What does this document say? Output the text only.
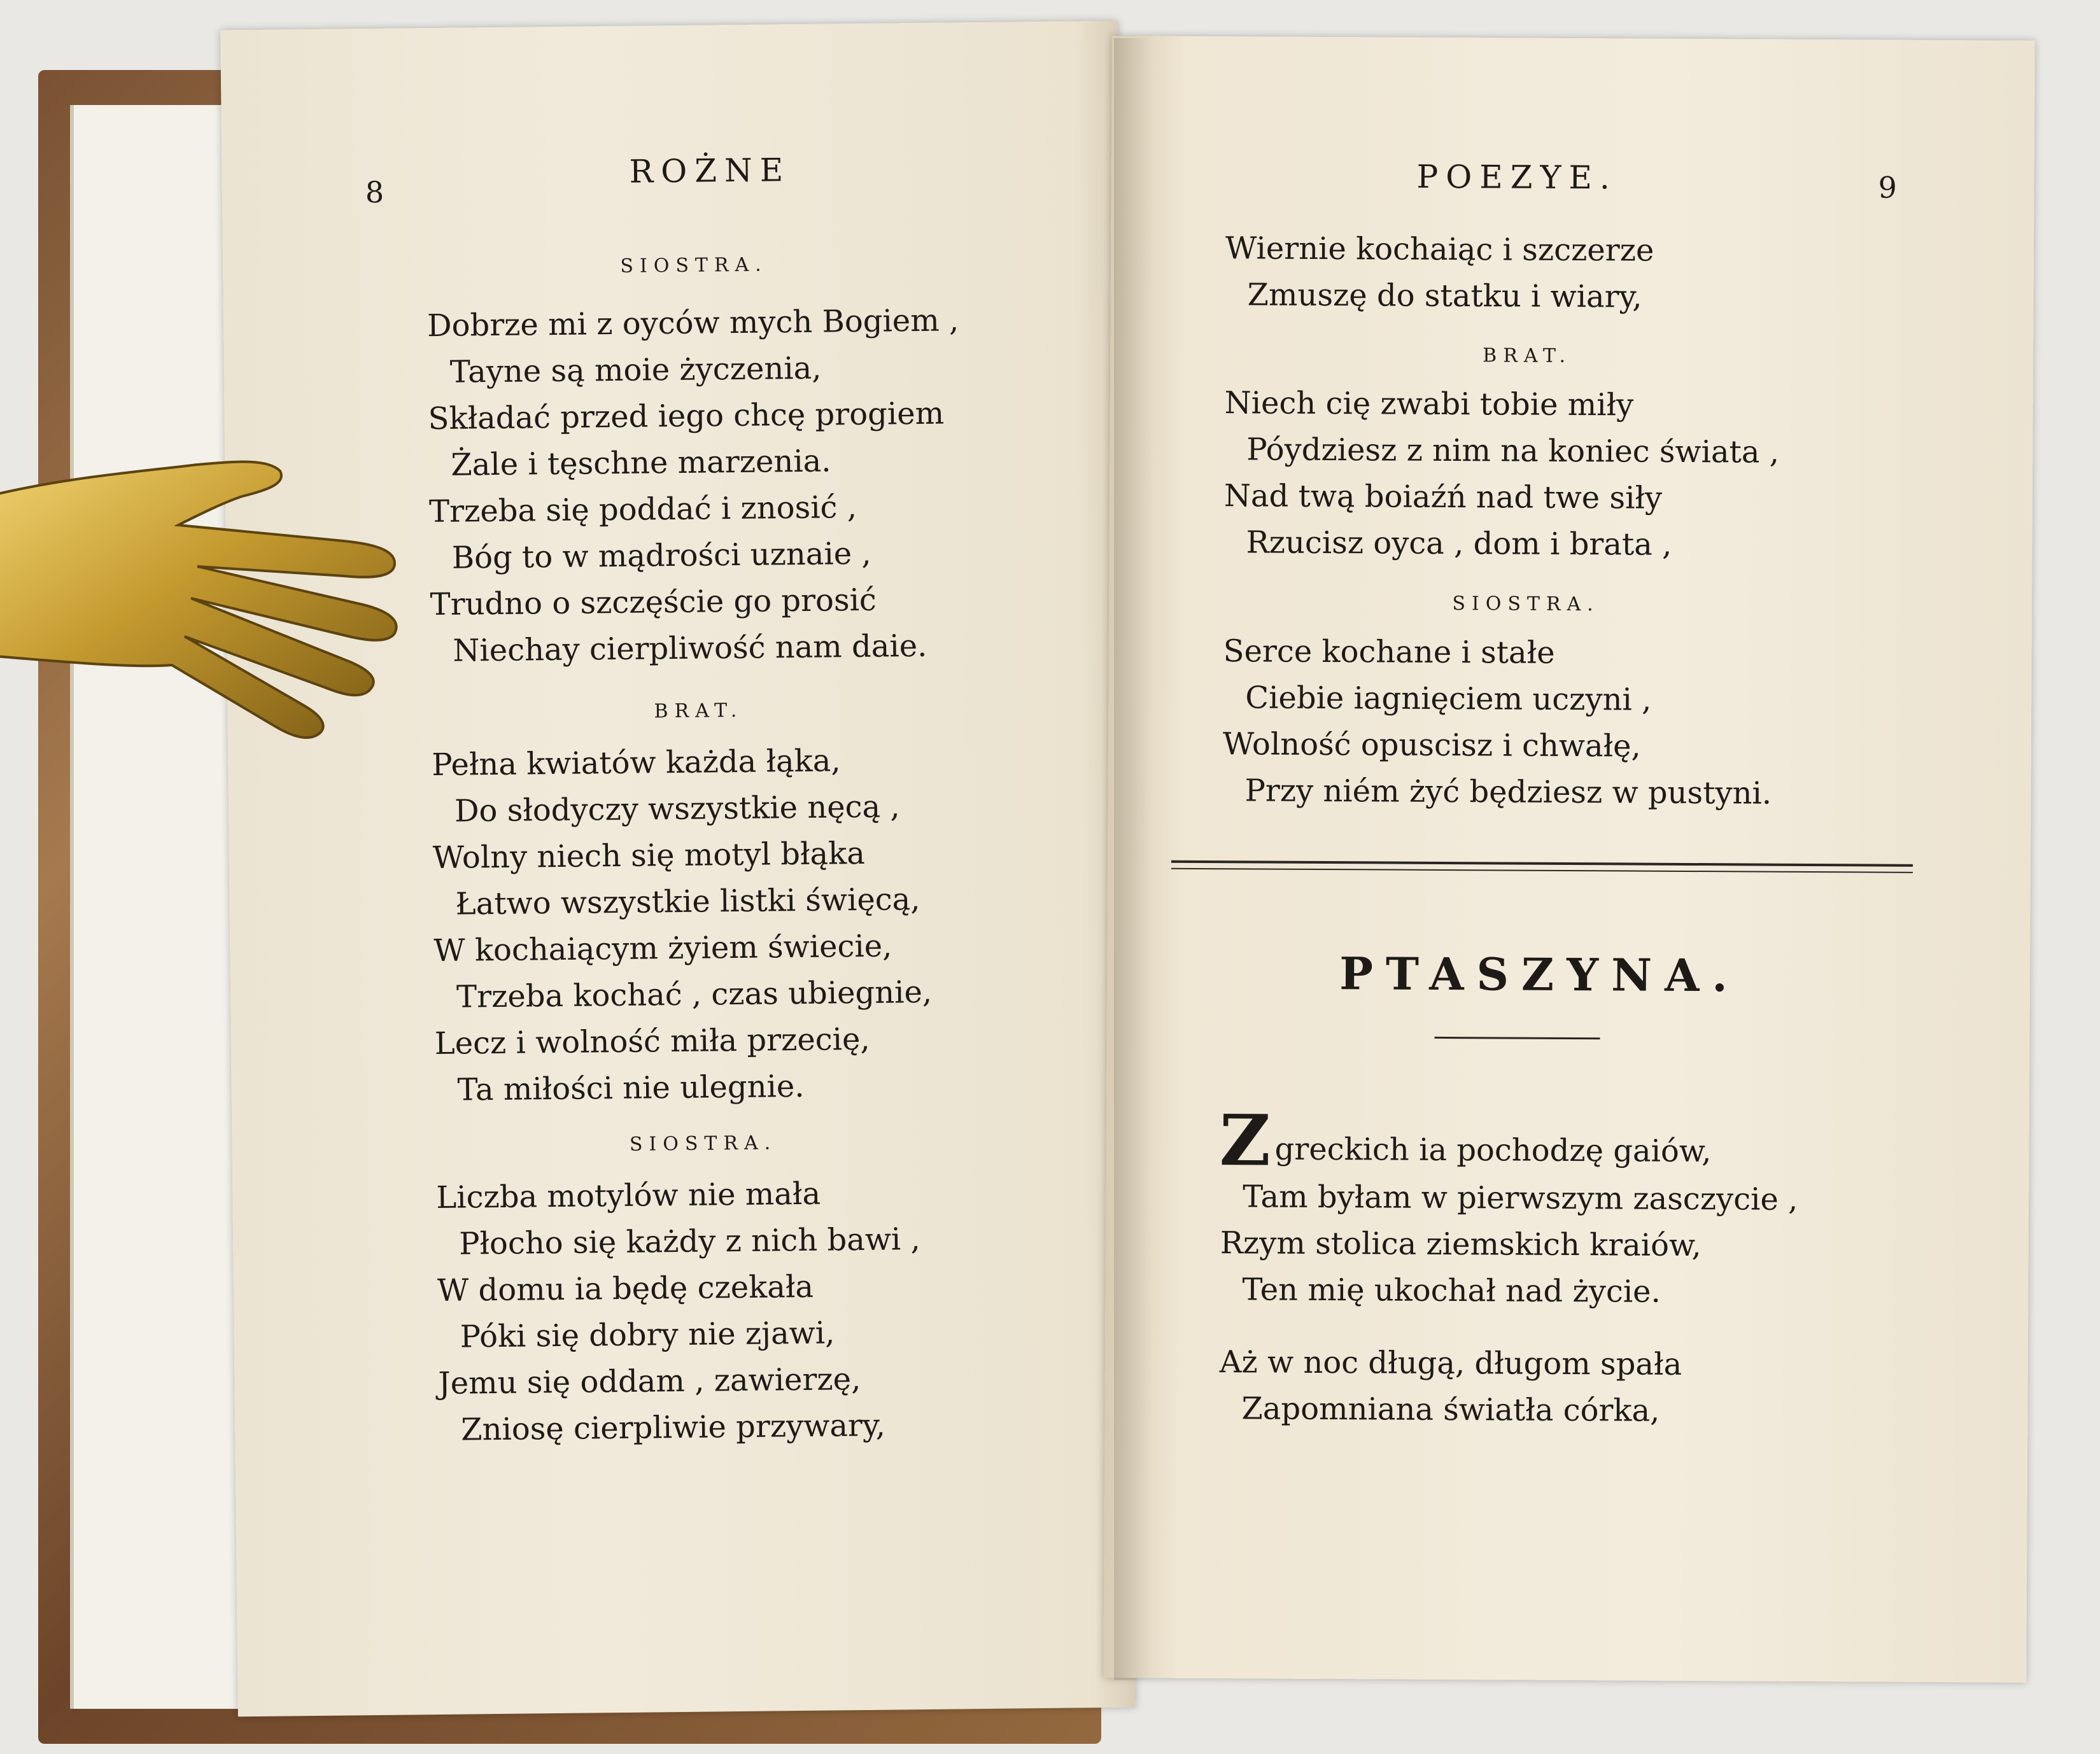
8
ROŻNE
SIOSTRA.
Dobrze mi z oyców mych Bogiem ,
Tayne są moie życzenia,
Składać przed iego chcę progiem
Żale i tęschne marzenia.
Trzeba się poddać i znosić ,
Bóg to w mądrości uznaie ,
Trudno o szczęście go prosić
Niechay cierpliwość nam daie.
BRAT.
Pełna kwiatów każda łąka,
Do słodyczy wszystkie nęcą ,
Wolny niech się motyl błąka
Łatwo wszystkie listki święcą,
W kochaiącym żyiem świecie,
Trzeba kochać , czas ubiegnie,
Lecz i wolność miła przecię,
Ta miłości nie ulegnie.
SIOSTRA.
Liczba motylów nie mała
Płocho się każdy z nich bawi ,
W domu ia będę czekała
Póki się dobry nie zjawi,
Jemu się oddam , zawierzę,
Zniosę cierpliwie przywary,
POEZYE.	9
Wiernie kochaiąc i szczerze
Zmuszę do statku i wiary,
BRAT.
Niech cię zwabi tobie miły
Póydziesz z nim na koniec świata ,
Nad twą boiaźń nad twe siły
Rzucisz oyca , dom i brata ,
SIOSTRA.
Serce kochane i stałe
Ciebie iagnięciem uczyni ,
Wolność opuscisz i chwałę,
Przy niém żyć będziesz w pustyni.
PTASZYNA.
Z greckich ia pochodzę gaiów,
Tam byłam w pierwszym zasczycie ,
Rzym stolica ziemskich kraiów,
Ten mię ukochał nad życie.
Aż w noc długą, długom spała
Zapomniana światła córka,
